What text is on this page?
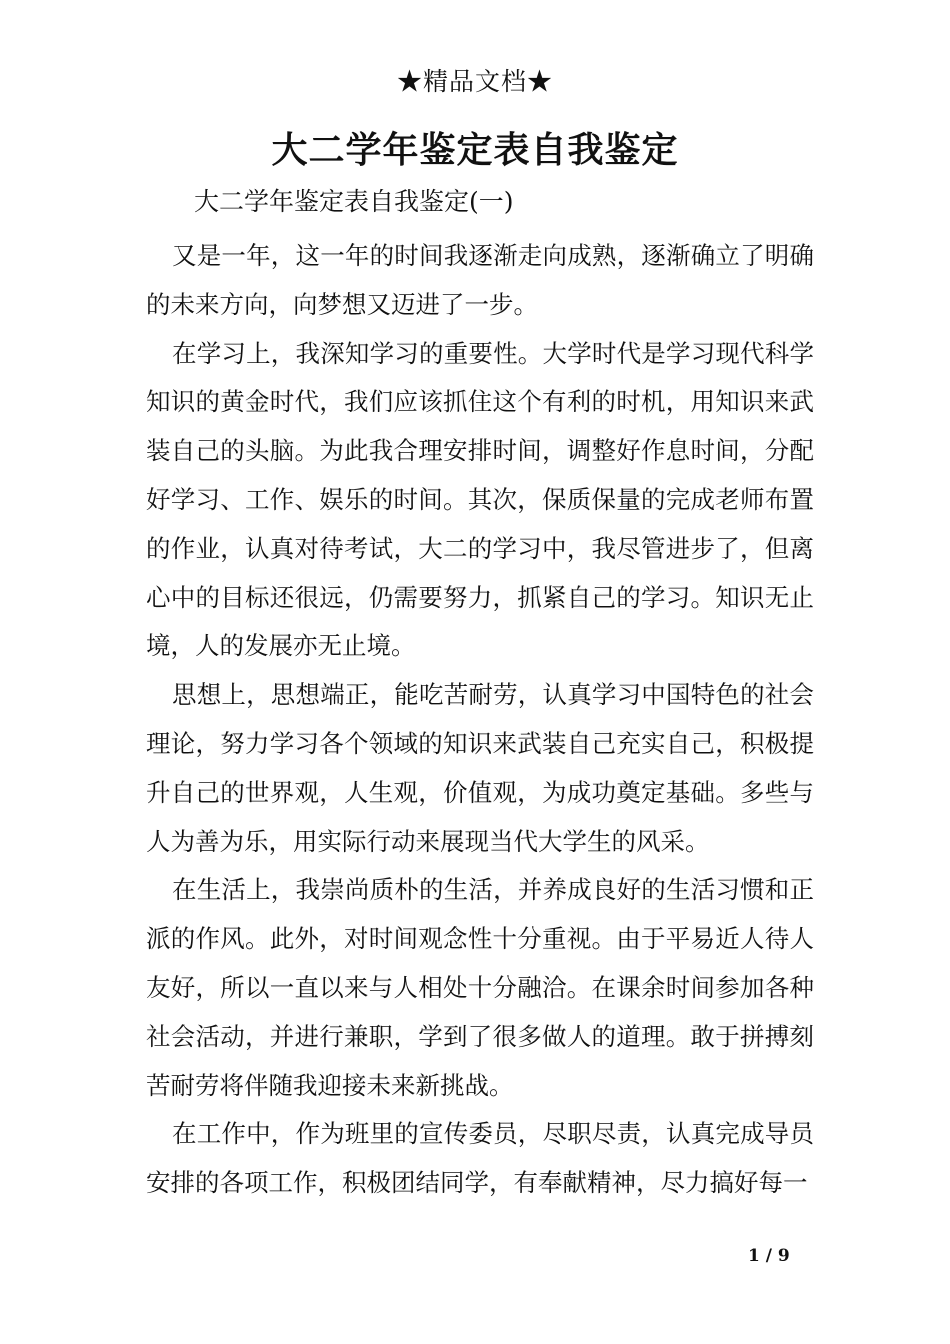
★精品文档★
大二学年鉴定表自我鉴定
大二学年鉴定表自我鉴定(一)

又是一年，这一年的时间我逐渐走向成熟，逐渐确立了明确的未来方向，向梦想又迈进了一步。

在学习上，我深知学习的重要性。大学时代是学习现代科学知识的黄金时代，我们应该抓住这个有利的时机，用知识来武装自己的头脑。为此我合理安排时间，调整好作息时间，分配好学习、工作、娱乐的时间。其次，保质保量的完成老师布置的作业，认真对待考试，大二的学习中，我尽管进步了，但离心中的目标还很远，仍需要努力，抓紧自己的学习。知识无止境，人的发展亦无止境。

思想上，思想端正，能吃苦耐劳，认真学习中国特色的社会理论，努力学习各个领域的知识来武装自己充实自己，积极提升自己的世界观，人生观，价值观，为成功奠定基础。多些与人为善为乐，用实际行动来展现当代大学生的风采。

在生活上，我崇尚质朴的生活，并养成良好的生活习惯和正派的作风。此外，对时间观念性十分重视。由于平易近人待人友好，所以一直以来与人相处十分融洽。在课余时间参加各种社会活动，并进行兼职，学到了很多做人的道理。敢于拼搏刻苦耐劳将伴随我迎接未来新挑战。

在工作中，作为班里的宣传委员，尽职尽责，认真完成导员安排的各项工作，积极团结同学，有奉献精神，尽力搞好每一

1 / 9
